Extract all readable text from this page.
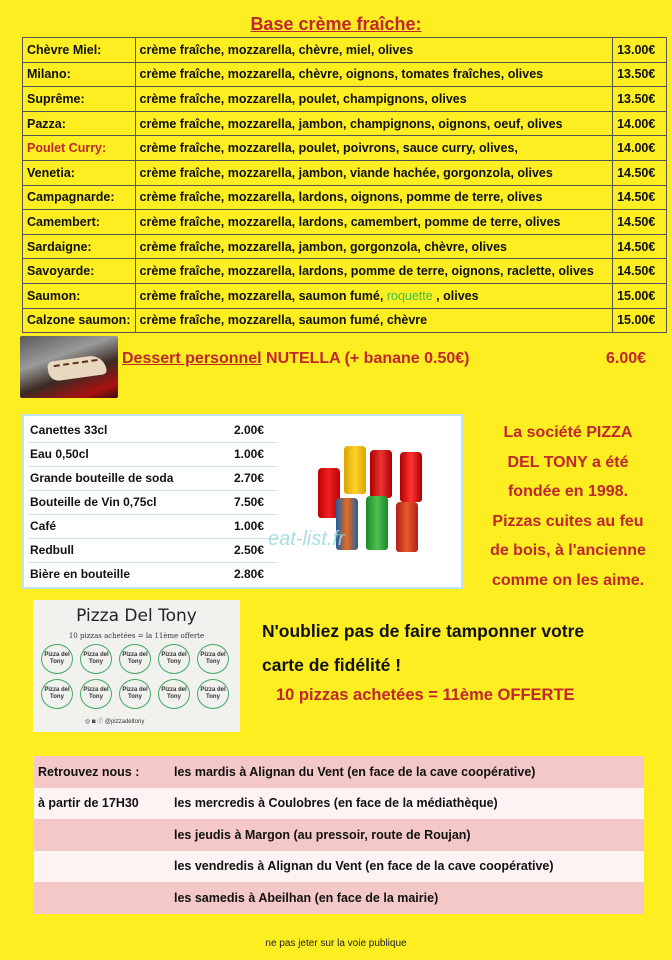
Base crème fraîche:
Chèvre Miel:	crème fraîche, mozzarella, chèvre, miel, olives	13.00€
Milano:	crème fraîche, mozzarella, chèvre, oignons, tomates fraîches, olives	13.50€
Suprême:	crème fraîche, mozzarella, poulet, champignons, olives	13.50€
Pazza:	crème fraîche, mozzarella, jambon, champignons, oignons, oeuf, olives	14.00€
Poulet Curry:	crème fraîche, mozzarella, poulet, poivrons, sauce curry, olives,	14.00€
Venetia:	crème fraîche, mozzarella, jambon, viande hachée, gorgonzola, olives	14.50€
Campagnarde:	crème fraîche, mozzarella, lardons, oignons, pomme de terre, olives	14.50€
Camembert:	crème fraîche, mozzarella, lardons, camembert, pomme de terre, olives	14.50€
Sardaigne:	crème fraîche, mozzarella, jambon, gorgonzola, chèvre, olives	14.50€
Savoyarde:	crème fraîche, mozzarella, lardons, pomme de terre, oignons, raclette, olives	14.50€
Saumon:	crème fraîche, mozzarella, saumon fumé, roquette , olives	15.00€
Calzone saumon:	crème fraîche, mozzarella, saumon fumé, chèvre	15.00€
Dessert personnel NUTELLA (+ banane 0.50€)	6.00€
Canettes 33cl	2.00€
Eau 0,50cl	1.00€
Grande bouteille de soda	2.70€
Bouteille de Vin 0,75cl	7.50€
Café	1.00€
Redbull	2.50€
Bière en bouteille	2.80€
eat-list.fr
La société PIZZA
DEL TONY a été
fondée en 1998.
Pizzas cuites au feu
de bois, à l'ancienne
comme on les aime.
Pizza Del Tony
10 pizzas achetées = la 11ème offerte
Pizza del Tony
Pizza del Tony
Pizza del Tony
Pizza del Tony
Pizza del Tony
Pizza del Tony
Pizza del Tony
Pizza del Tony
Pizza del Tony
Pizza del Tony
◎ ◙ ⓕ @pizzadeltony
N'oubliez pas de faire tamponner votre
carte de fidélité !
10 pizzas achetées = 11ème OFFERTE
Retrouvez nous :	les mardis à Alignan du Vent (en face de la cave coopérative)
à partir de 17H30	les mercredis à Coulobres (en face de la médiathèque)
	les jeudis à Margon (au pressoir, route de Roujan)
	les vendredis à Alignan du Vent (en face de la cave coopérative)
	les samedis à Abeilhan (en face de la mairie)
ne pas jeter sur la voie publique
